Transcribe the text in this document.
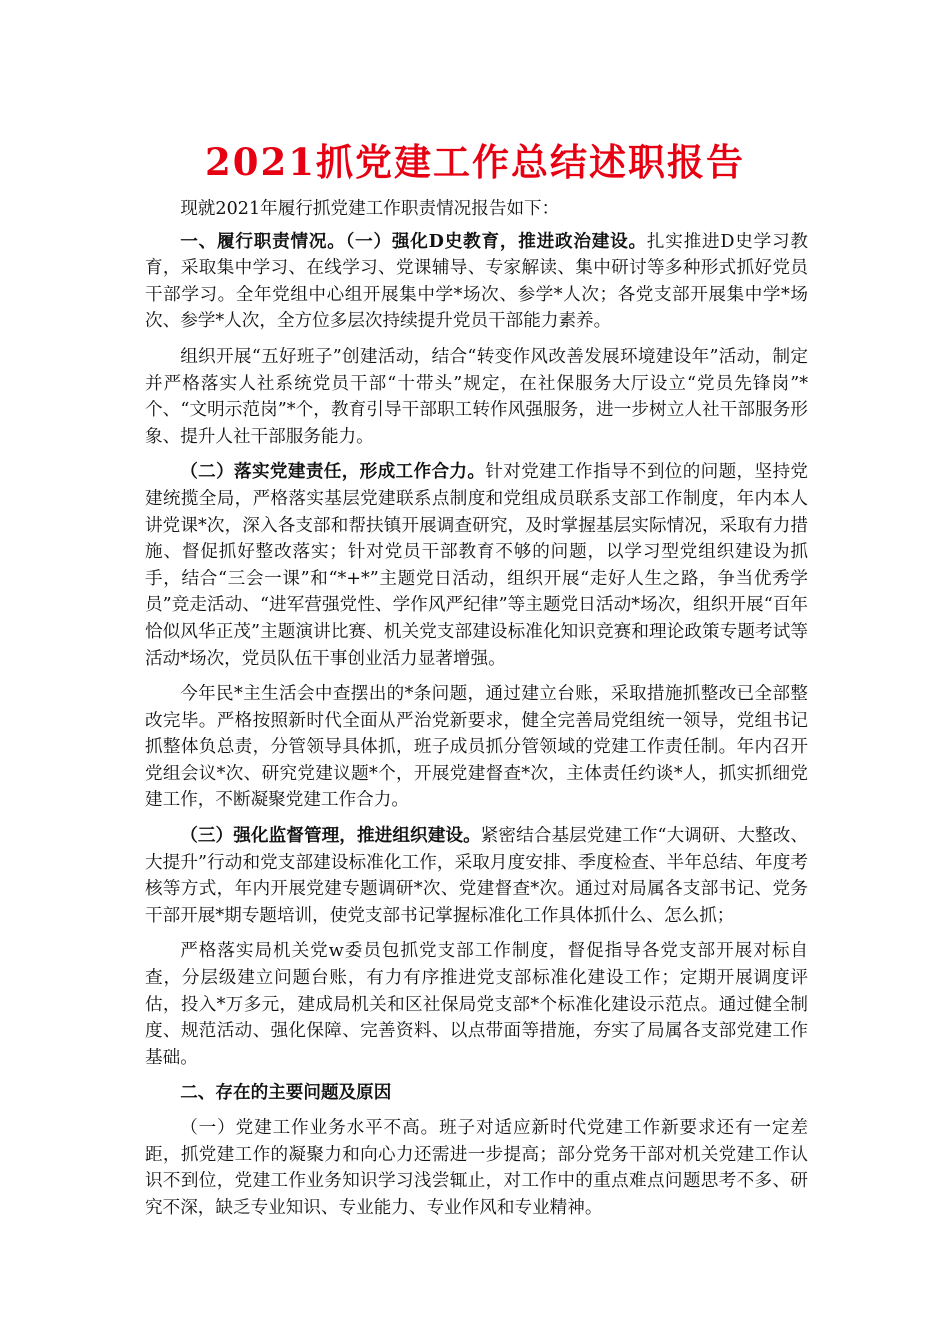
2021抓党建工作总结述职报告

现就2021年履行抓党建工作职责情况报告如下：

一、履行职责情况。（一）强化D史教育，推进政治建设。扎实推进D史学习教育，采取集中学习、在线学习、党课辅导、专家解读、集中研讨等多种形式抓好党员干部学习。全年党组中心组开展集中学*场次、参学*人次；各党支部开展集中学*场次、参学*人次，全方位多层次持续提升党员干部能力素养。

组织开展“五好班子”创建活动，结合“转变作风改善发展环境建设年”活动，制定并严格落实人社系统党员干部“十带头”规定，在社保服务大厅设立“党员先锋岗”*个、“文明示范岗”*个，教育引导干部职工转作风强服务，进一步树立人社干部服务形象、提升人社干部服务能力。

（二）落实党建责任，形成工作合力。针对党建工作指导不到位的问题，坚持党建统揽全局，严格落实基层党建联系点制度和党组成员联系支部工作制度，年内本人讲党课*次，深入各支部和帮扶镇开展调查研究，及时掌握基层实际情况，采取有力措施、督促抓好整改落实；针对党员干部教育不够的问题，以学习型党组织建设为抓手，结合“三会一课”和“*+*”主题党日活动，组织开展“走好人生之路，争当优秀学员”竞走活动、“进军营强党性、学作风严纪律”等主题党日活动*场次，组织开展“百年恰似风华正茂”主题演讲比赛、机关党支部建设标准化知识竞赛和理论政策专题考试等活动*场次，党员队伍干事创业活力显著增强。

今年民*主生活会中查摆出的*条问题，通过建立台账，采取措施抓整改已全部整改完毕。严格按照新时代全面从严治党新要求，健全完善局党组统一领导，党组书记抓整体负总责，分管领导具体抓，班子成员抓分管领域的党建工作责任制。年内召开党组会议*次、研究党建议题*个，开展党建督查*次，主体责任约谈*人，抓实抓细党建工作，不断凝聚党建工作合力。

（三）强化监督管理，推进组织建设。紧密结合基层党建工作“大调研、大整改、大提升”行动和党支部建设标准化工作，采取月度安排、季度检查、半年总结、年度考核等方式，年内开展党建专题调研*次、党建督查*次。通过对局属各支部书记、党务干部开展*期专题培训，使党支部书记掌握标准化工作具体抓什么、怎么抓；

严格落实局机关党w委员包抓党支部工作制度，督促指导各党支部开展对标自查，分层级建立问题台账，有力有序推进党支部标准化建设工作；定期开展调度评估，投入*万多元，建成局机关和区社保局党支部*个标准化建设示范点。通过健全制度、规范活动、强化保障、完善资料、以点带面等措施，夯实了局属各支部党建工作基础。

二、存在的主要问题及原因

（一）党建工作业务水平不高。班子对适应新时代党建工作新要求还有一定差距，抓党建工作的凝聚力和向心力还需进一步提高；部分党务干部对机关党建工作认识不到位，党建工作业务知识学习浅尝辄止，对工作中的重点难点问题思考不多、研究不深，缺乏专业知识、专业能力、专业作风和专业精神。
